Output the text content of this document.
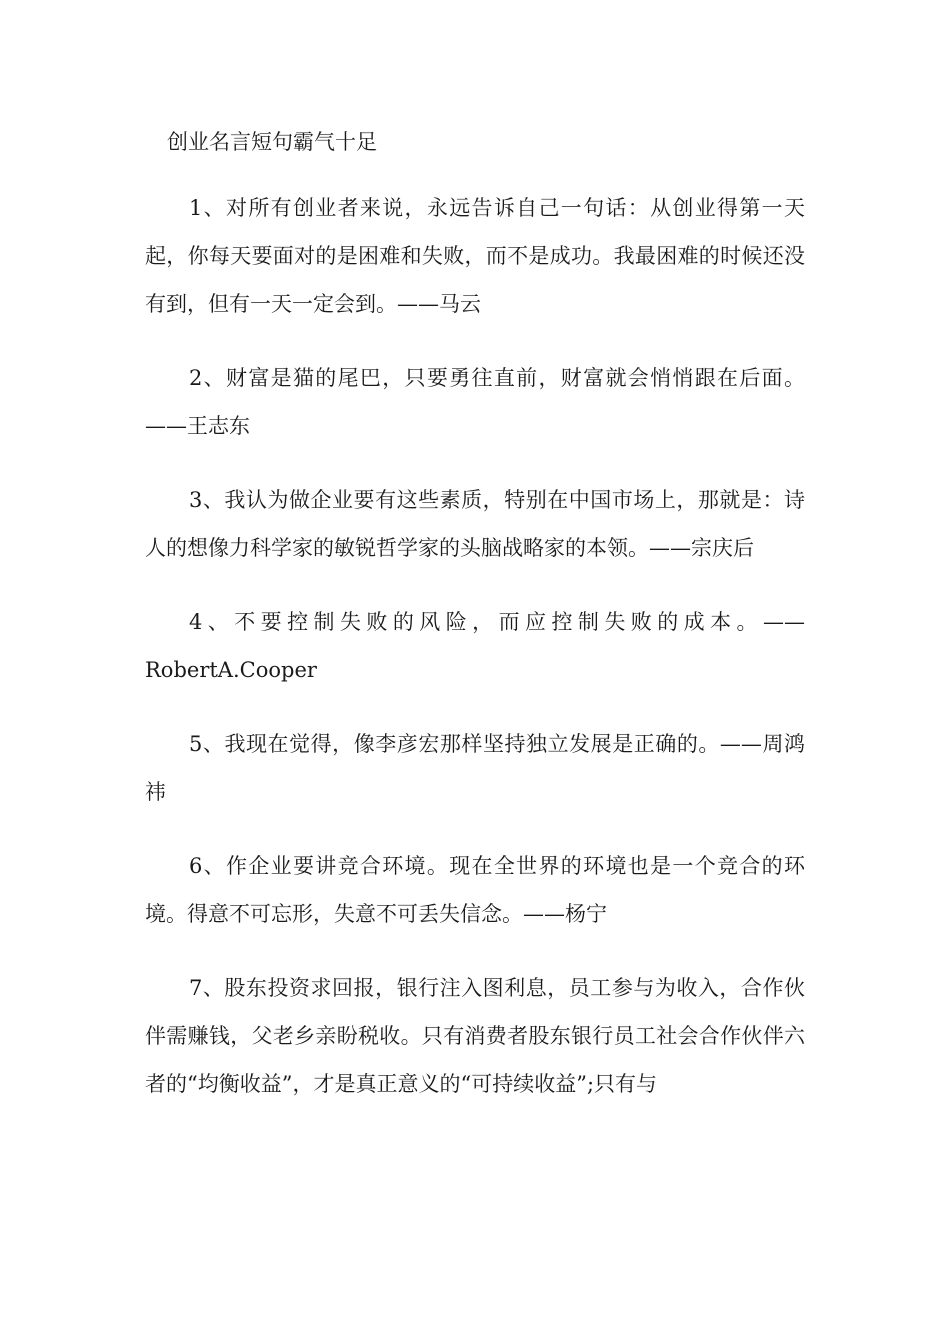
创业名言短句霸气十足

1、对所有创业者来说，永远告诉自己一句话：从创业得第一天起，你每天要面对的是困难和失败，而不是成功。我最困难的时候还没有到，但有一天一定会到。——马云

2、财富是猫的尾巴，只要勇往直前，财富就会悄悄跟在后面。——王志东

3、我认为做企业要有这些素质，特别在中国市场上，那就是：诗人的想像力科学家的敏锐哲学家的头脑战略家的本领。——宗庆后

4、不要控制失败的风险，而应控制失败的成本。——RobertA.Cooper

5、我现在觉得，像李彦宏那样坚持独立发展是正确的。——周鸿祎

6、作企业要讲竞合环境。现在全世界的环境也是一个竞合的环境。得意不可忘形，失意不可丢失信念。——杨宁

7、股东投资求回报，银行注入图利息，员工参与为收入，合作伙伴需赚钱，父老乡亲盼税收。只有消费者股东银行员工社会合作伙伴六者的“均衡收益”，才是真正意义的“可持续收益”;只有与
